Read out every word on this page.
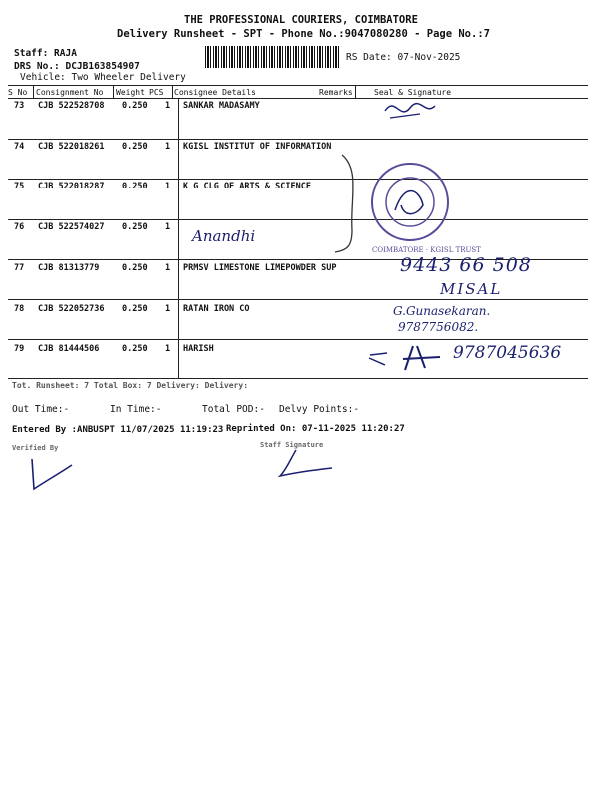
THE PROFESSIONAL COURIERS, COIMBATORE
Delivery Runsheet - SPT - Phone No.:9047080280 - Page No.:7
Staff: RAJA
DRS No.: DCJB163854907
Vehicle: Two Wheeler Delivery
RS Date: 07-Nov-2025
S No Consignment No Weight PCS Consignee Details	Remarks	Seal & Signature
73 CJB 522528708 0.250 1 SANKAR MADASAMY
74 CJB 522018261 0.250 1 KGISL INSTITUT OF INFORMATION
75 CJB 522018287 0.250 1 K G CLG OF ARTS & SCIENCE
76 CJB 522574027 0.250 1 Anandhi
77 CJB 81313779	0.250 1 PRMSV LIMESTONE LIMEPOWDER SUP
78 CJB 522052736 0.250 1 RATAN IRON CO
79 CJB 81444506	0.250 1 HARISH
9443 66 508
MISAL
G.Gunasekaran.
9787756082.
9787045636
COIMBATORE · KGISL TRUST
Tot. Runsheet: 7 Total Box: 7 Delivery: Delivery:
Out Time:-	In Time:-	Total POD:- Delvy Points:-
Entered By :ANBUSPT 11/07/2025 11:19:23 Reprinted On: 07-11-2025 11:20:27
Verified By	Staff Signature
